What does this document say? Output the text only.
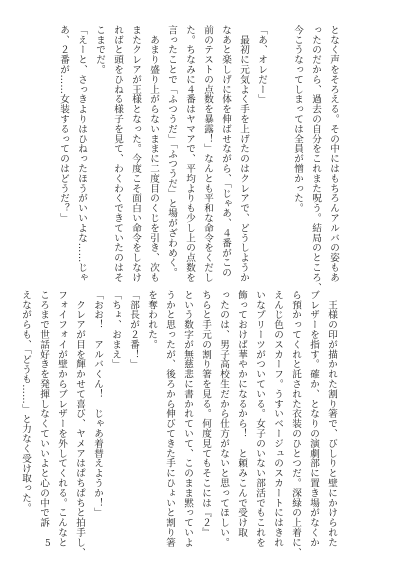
となく声をそろえる。その中にはもちろんアルバの姿もあ

ったのだから、過去の自分をこれまた呪う。結局のところ、

今こうなってしまっては全員が憎かった。

「あ、オレだー」

　最初に元気よく手を上げたのはクレアで、どうしようか

なあと楽しげに体を伸ばせながら、「じゃあ、４番がこの

前のテストの点数を暴露！」なんとも平和な命令をくだし

た。ちなみに４番はヤマアで、平均よりも少し上の点数を

言ったことで「ふつうだ」「ふつうだ」と場がざわめく。

　あまり盛り上がらないままに二度目のくじを引き、次も

またクレアが王様となった。今度こそ面白い命令をしなけ

ればと頭をひねる様子を見て、わくわくできていたのはそ

こまでだ。

「えーと、さっきよりはひねったほうがいいよな……じゃ

あ、２番が……女装するってのはどうだ？」

　王様の印が描かれた割り箸で、びしりと壁にかけられた

ブレザーを指す。確か、となりの演劇部に置き場がなくか

ら預かってくれと託された衣装のひとつだ。深緑の上着に、

えんじ色のスカーフ。うすいベージュのスカートにはきれ

いなプリーツがついている。女子のいない部活でもこれを

飾っておけば華やかになるから！　と頼みこんで受け取

ったのは、男子高校生だから仕方がないと思ってほしい。

ちらと手元の割り箸を見る。何度見てもそこには『２』

という数字が無慈悲に書かれていて、このまま黙っていよ

うかと思ったが、後ろから伸びてきた手にひょいと割り箸

を奪われた。

「部長が２番！」

「ちょ、おまえ」

「おお！　アルバくん！　じゃあ着替えようか！」

　クレアが目を輝かせて喜び、ヤメアはぱちぱちと拍手し、

フォイフォイが壁からブレザーを外してくれる。こんなと

ころまで世話好きを発揮しなくていいよと心の中で訴

えながらも、「どうも……」と力なく受け取った。

5
